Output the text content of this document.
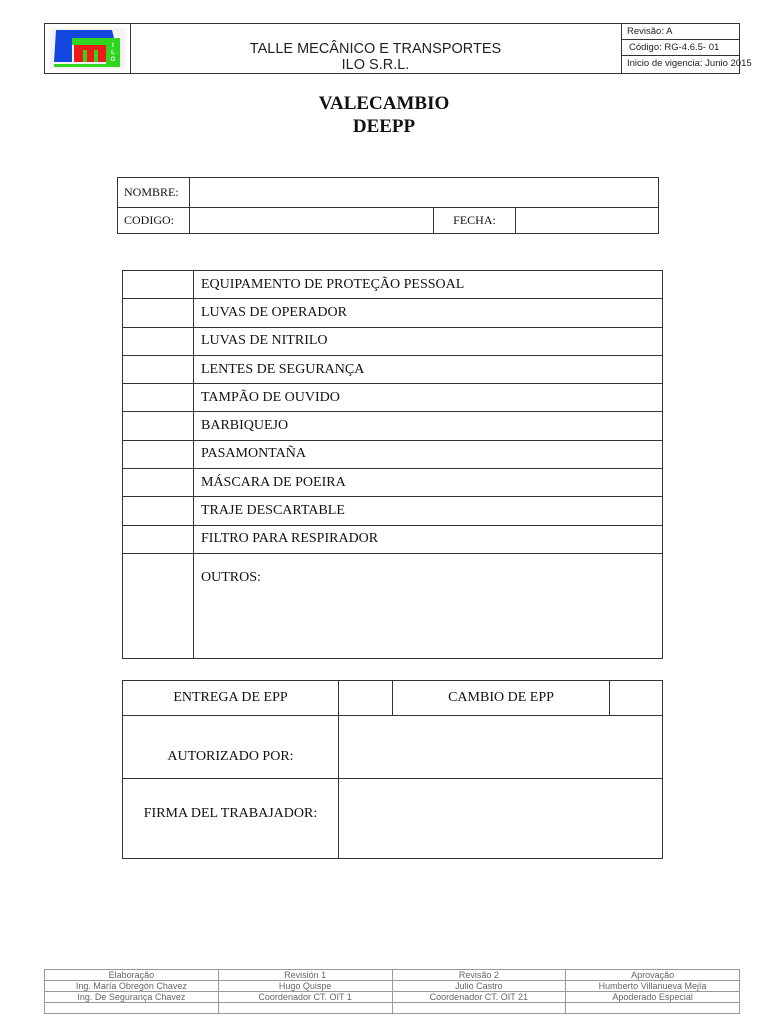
I
L
O
TALLE MECÂNICO E TRANSPORTES
ILO S.R.L.
Revisão: A
Código: RG-4.6.5- 01
Inicio de vigencia: Junio 2015
VALECAMBIO
DEEPP
NOMBRE:			
CODIGO:		FECHA:	
	EQUIPAMENTO DE PROTEÇÃO PESSOAL
	LUVAS DE OPERADOR
	LUVAS DE NITRILO
	LENTES DE SEGURANÇA
	TAMPÃO DE OUVIDO
	BARBIQUEJO
	PASAMONTAÑA
	MÁSCARA DE POEIRA
	TRAJE DESCARTABLE
	FILTRO PARA RESPIRADOR
	OUTROS:
ENTREGA DE EPP		CAMBIO DE EPP	
AUTORIZADO POR:			
FIRMA DEL TRABAJADOR:			
Elaboração	Revisión 1	Revisão 2	Aprovação
Ing. María Obregón Chavez	Hugo Quispe	Julio Castro	Humberto Villanueva Mejía
Ing. De Segurança Chavez	Coordenador CT. OIT 1	Coordenador CT. OIT 21	Apoderado Especial
